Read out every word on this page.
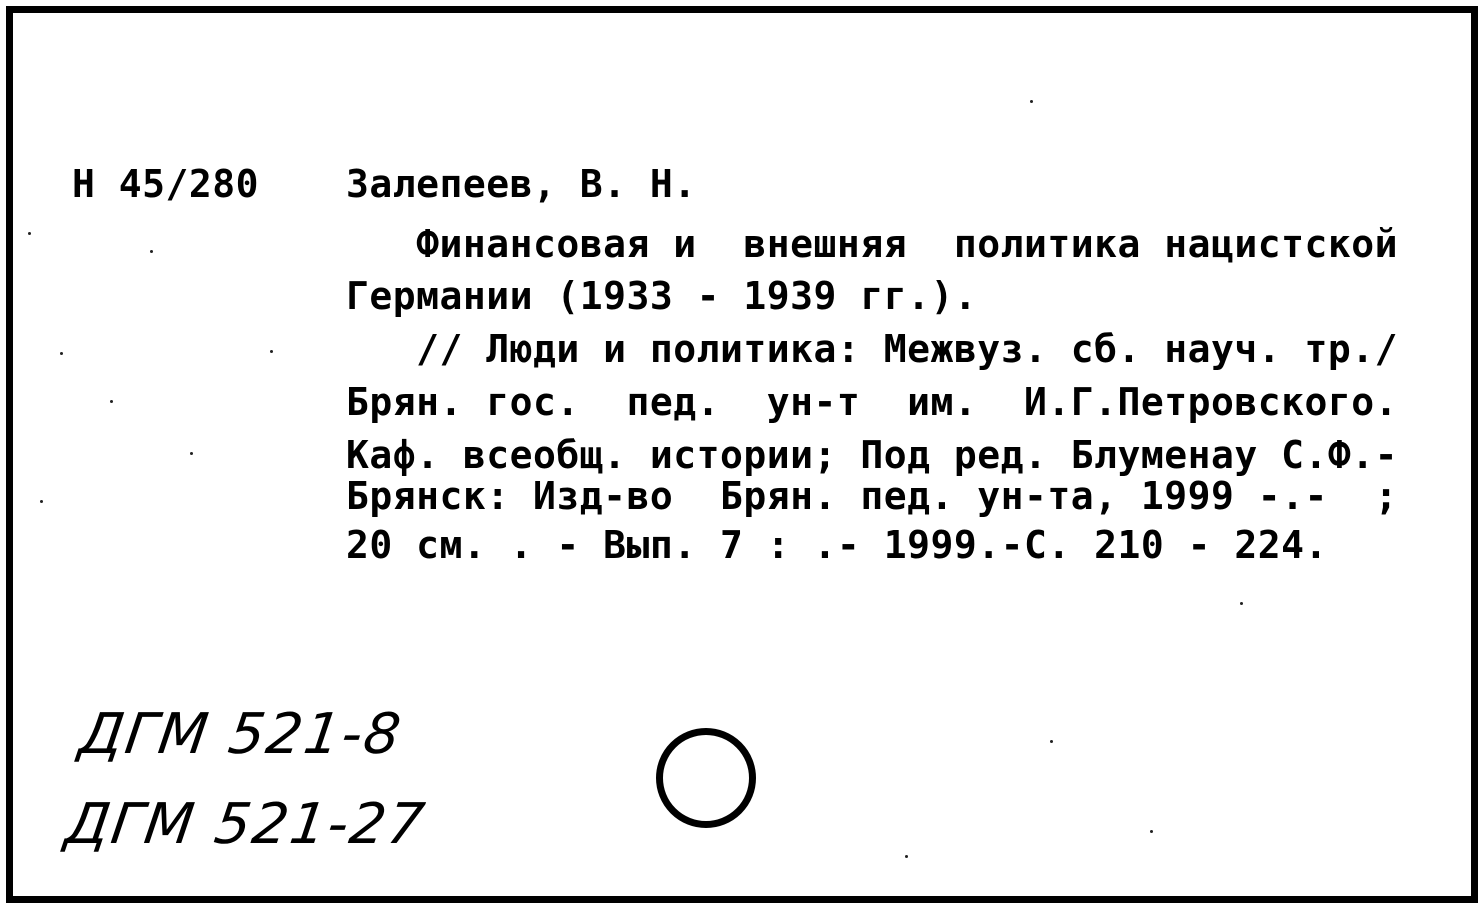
Н 45/280 Залепеев, В. Н.
Финансовая и  внешняя  политика нацистской
Германии (1933 - 1939 гг.).
// Люди и политика: Межвуз. сб. науч. тр./
Брян. гос.  пед.  ун-т  им.  И.Г.Петровского.
Каф. всеобщ. истории; Под ред. Блуменау С.Ф.-
Брянск: Изд-во  Брян. пед. ун-та, 1999 -.-  ;
20 см. . - Вып. 7 : .- 1999.-С. 210 - 224.
ДГМ 521-8
ДГМ 521-27
